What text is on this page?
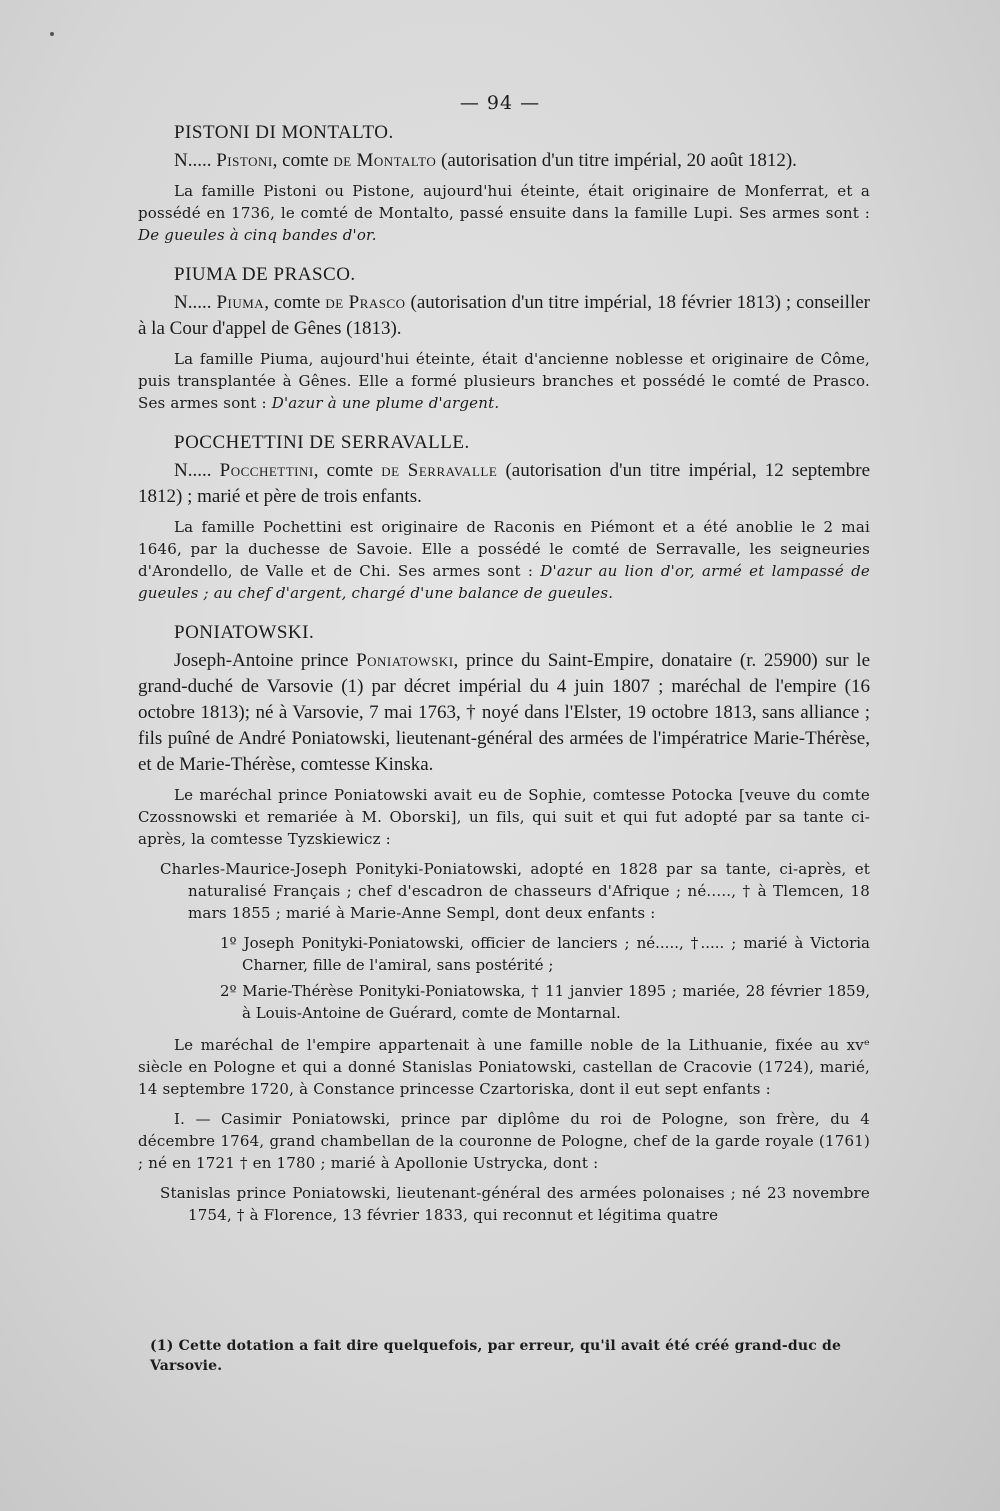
— 94 —
PISTONI DI MONTALTO.

N..... Pistoni, comte de Montalto (autorisation d'un titre impérial, 20 août 1812).

La famille Pistoni ou Pistone, aujourd'hui éteinte, était originaire de Monferrat, et a possédé en 1736, le comté de Montalto, passé ensuite dans la famille Lupi. Ses armes sont : De gueules à cinq bandes d'or.

PIUMA DE PRASCO.

N..... Piuma, comte de Prasco (autorisation d'un titre impérial, 18 février 1813) ; conseiller à la Cour d'appel de Gênes (1813).

La famille Piuma, aujourd'hui éteinte, était d'ancienne noblesse et originaire de Côme, puis transplantée à Gênes. Elle a formé plusieurs branches et possédé le comté de Prasco. Ses armes sont : D'azur à une plume d'argent.

POCCHETTINI DE SERRAVALLE.

N..... Pocchettini, comte de Serravalle (autorisation d'un titre impérial, 12 septembre 1812) ; marié et père de trois enfants.

La famille Pochettini est originaire de Raconis en Piémont et a été anoblie le 2 mai 1646, par la duchesse de Savoie. Elle a possédé le comté de Serravalle, les seigneuries d'Arondello, de Valle et de Chi. Ses armes sont : D'azur au lion d'or, armé et lampassé de gueules ; au chef d'argent, chargé d'une balance de gueules.

PONIATOWSKI.

Joseph-Antoine prince Poniatowski, prince du Saint-Empire, donataire (r. 25900) sur le grand-duché de Varsovie (1) par décret impérial du 4 juin 1807 ; maréchal de l'empire (16 octobre 1813); né à Varsovie, 7 mai 1763, † noyé dans l'Elster, 19 octobre 1813, sans alliance ; fils puîné de André Poniatowski, lieutenant-général des armées de l'impératrice Marie-Thérèse, et de Marie-Thérèse, comtesse Kinska.

Le maréchal prince Poniatowski avait eu de Sophie, comtesse Potocka [veuve du comte Czossnowski et remariée à M. Oborski], un fils, qui suit et qui fut adopté par sa tante ci-après, la comtesse Tyzskiewicz :

Charles-Maurice-Joseph Ponityki-Poniatowski, adopté en 1828 par sa tante, ci-après, et naturalisé Français ; chef d'escadron de chasseurs d'Afrique ; né....., † à Tlemcen, 18 mars 1855 ; marié à Marie-Anne Sempl, dont deux enfants :

1º Joseph Ponityki-Poniatowski, officier de lanciers ; né....., †..... ; marié à Victoria Charner, fille de l'amiral, sans postérité ;

2º Marie-Thérèse Ponityki-Poniatowska, † 11 janvier 1895 ; mariée, 28 février 1859, à Louis-Antoine de Guérard, comte de Montarnal.

Le maréchal de l'empire appartenait à une famille noble de la Lithuanie, fixée au xvᵉ siècle en Pologne et qui a donné Stanislas Poniatowski, castellan de Cracovie (1724), marié, 14 septembre 1720, à Constance princesse Czartoriska, dont il eut sept enfants :

I. — Casimir Poniatowski, prince par diplôme du roi de Pologne, son frère, du 4 décembre 1764, grand chambellan de la couronne de Pologne, chef de la garde royale (1761) ; né en 1721 † en 1780 ; marié à Apollonie Ustrycka, dont :

Stanislas prince Poniatowski, lieutenant-général des armées polonaises ; né 23 novembre 1754, † à Florence, 13 février 1833, qui reconnut et légitima quatre

(1) Cette dotation a fait dire quelquefois, par erreur, qu'il avait été créé grand-duc de Varsovie.
